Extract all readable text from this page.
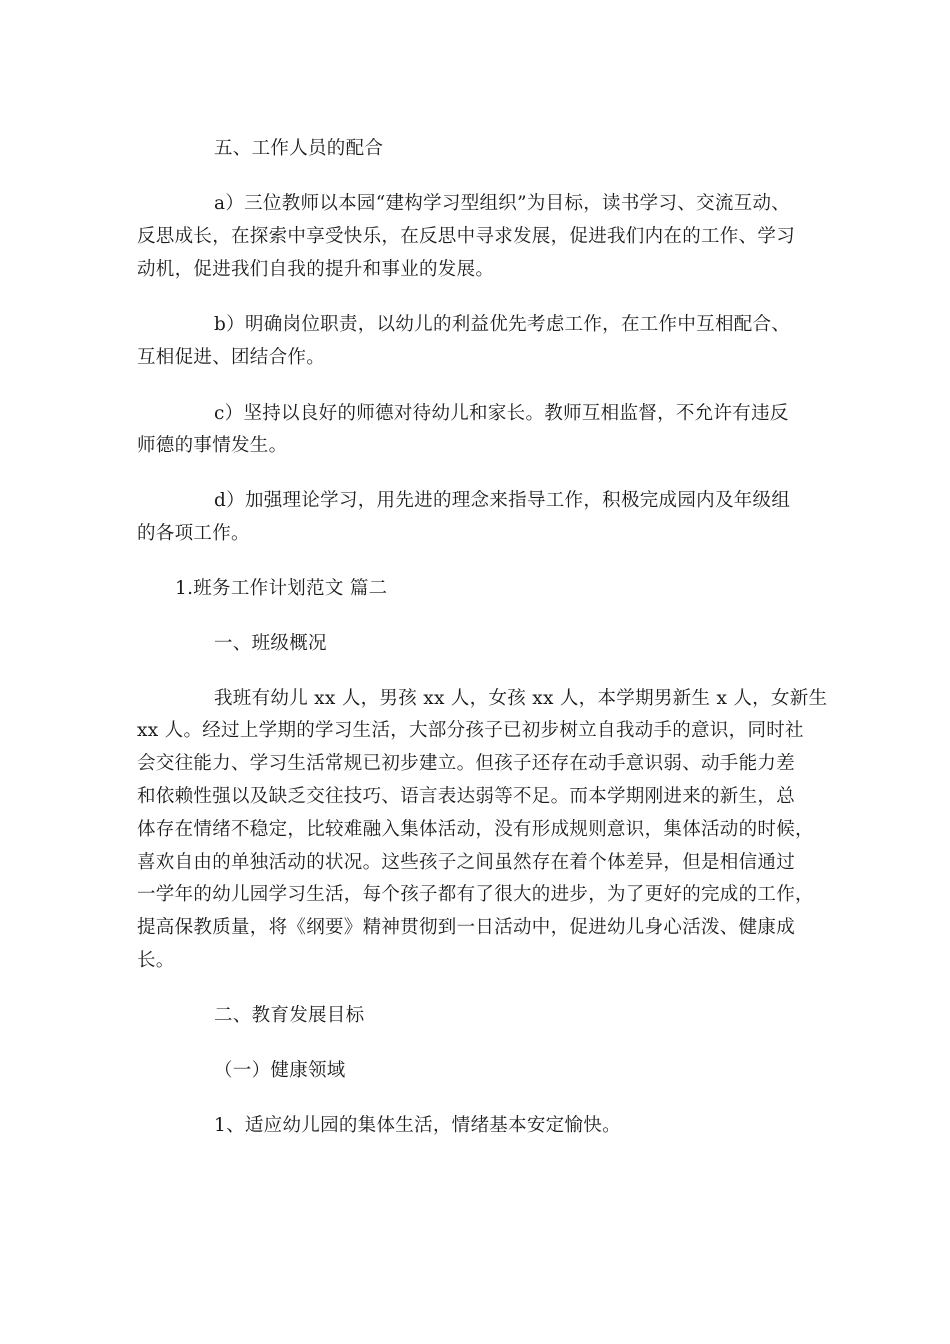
五、工作人员的配合
a）三位教师以本园“建构学习型组织”为目标，读书学习、交流互动、
反思成长，在探索中享受快乐，在反思中寻求发展，促进我们内在的工作、学习
动机，促进我们自我的提升和事业的发展。
b）明确岗位职责，以幼儿的利益优先考虑工作，在工作中互相配合、
互相促进、团结合作。
c）坚持以良好的师德对待幼儿和家长。教师互相监督，不允许有违反
师德的事情发生。
d）加强理论学习，用先进的理念来指导工作，积极完成园内及年级组
的各项工作。
1.班务工作计划范文 篇二
一、班级概况
我班有幼儿 xx 人，男孩 xx 人，女孩 xx 人，本学期男新生 x 人，女新生
xx 人。经过上学期的学习生活，大部分孩子已初步树立自我动手的意识，同时社
会交往能力、学习生活常规已初步建立。但孩子还存在动手意识弱、动手能力差
和依赖性强以及缺乏交往技巧、语言表达弱等不足。而本学期刚进来的新生，总
体存在情绪不稳定，比较难融入集体活动，没有形成规则意识，集体活动的时候，
喜欢自由的单独活动的状况。这些孩子之间虽然存在着个体差异，但是相信通过
一学年的幼儿园学习生活，每个孩子都有了很大的进步，为了更好的完成的工作，
提高保教质量，将《纲要》精神贯彻到一日活动中，促进幼儿身心活泼、健康成
长。
二、教育发展目标
（一）健康领域
1、适应幼儿园的集体生活，情绪基本安定愉快。
